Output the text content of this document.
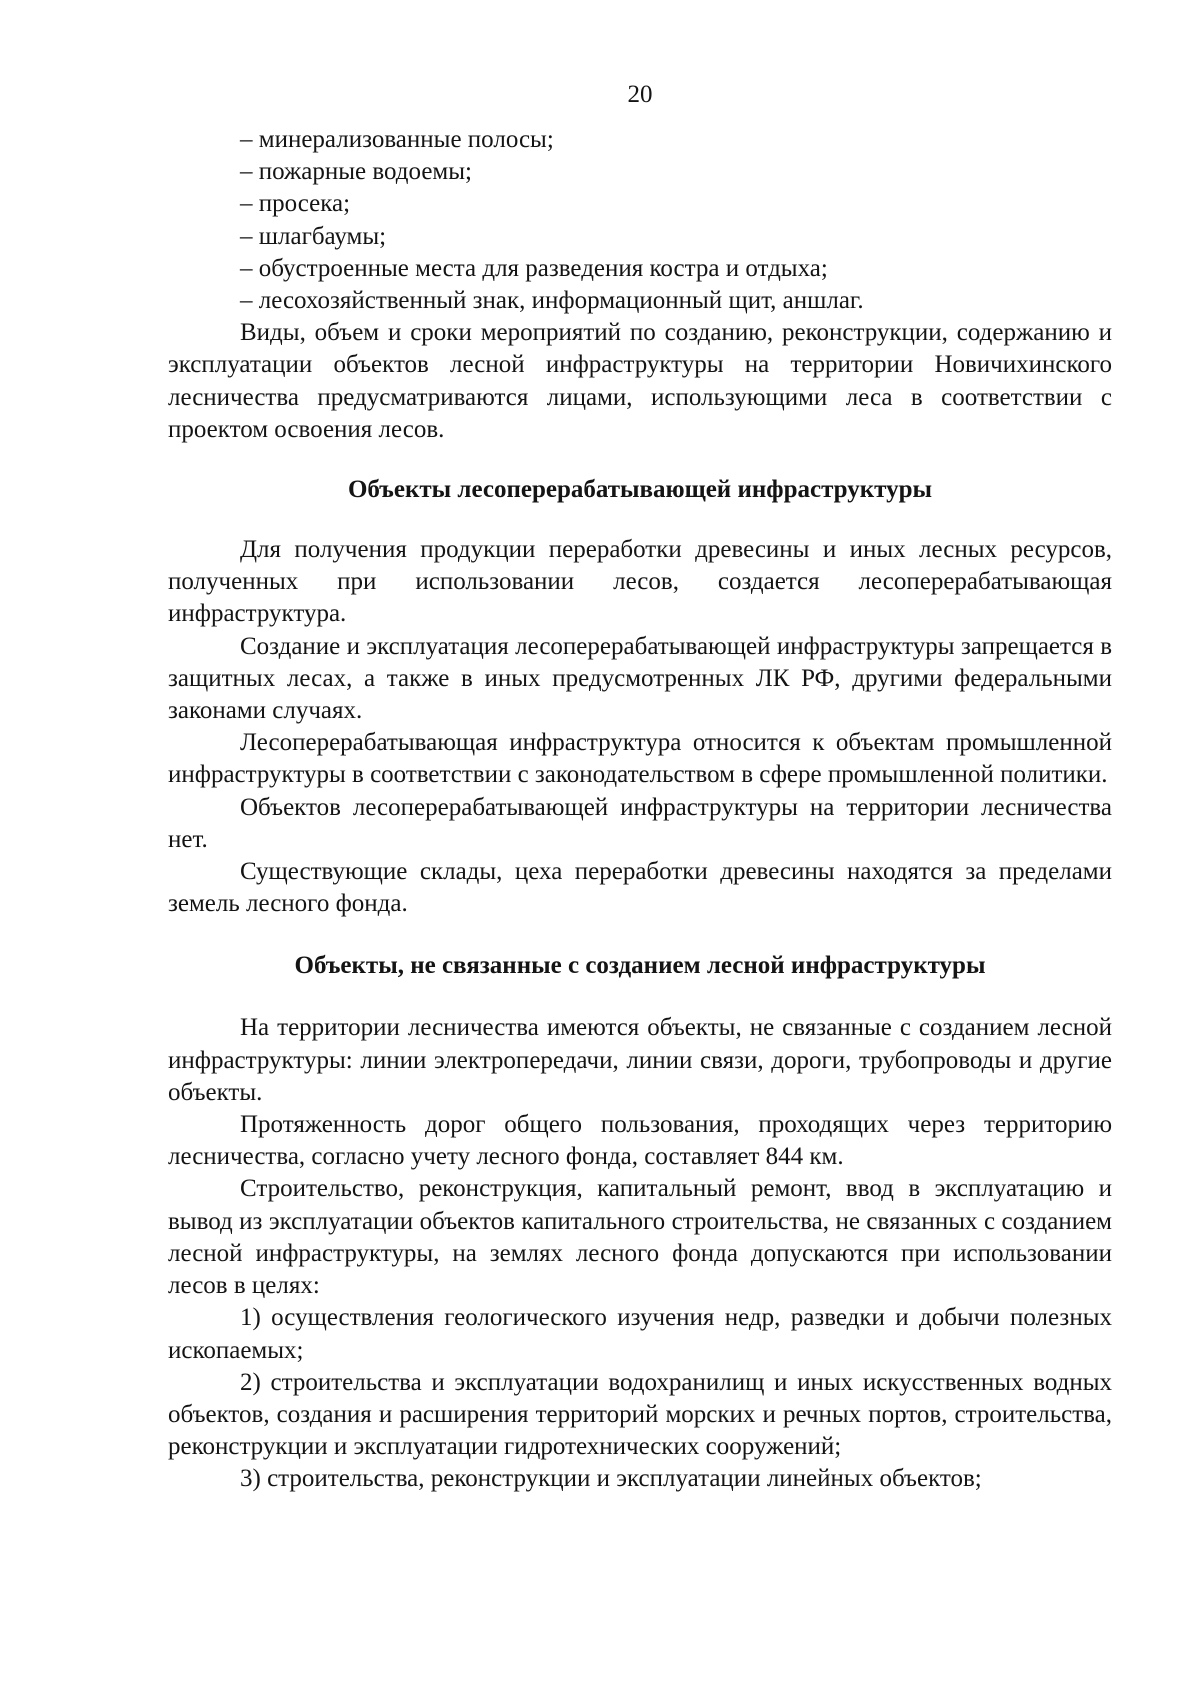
20

– минерализованные полосы;

– пожарные водоемы;

– просека;

– шлагбаумы;

– обустроенные места для разведения костра и отдыха;

– лесохозяйственный знак, информационный щит, аншлаг.

Виды, объем и сроки мероприятий по созданию, реконструкции, содержанию и эксплуатации объектов лесной инфраструктуры на территории Новичихинского лесничества предусматриваются лицами, использующими леса в соответствии с проектом освоения лесов.

Объекты лесоперерабатывающей инфраструктуры

Для получения продукции переработки древесины и иных лесных ресурсов, полученных при использовании лесов, создается лесоперерабатывающая инфраструктура.

Создание и эксплуатация лесоперерабатывающей инфраструктуры запрещается в защитных лесах, а также в иных предусмотренных ЛК РФ, другими федеральными законами случаях.

Лесоперерабатывающая инфраструктура относится к объектам промышленной инфраструктуры в соответствии с законодательством в сфере промышленной политики.

Объектов лесоперерабатывающей инфраструктуры на территории лесничества нет.

Существующие склады, цеха переработки древесины находятся за пределами земель лесного фонда.

Объекты, не связанные с созданием лесной инфраструктуры

На территории лесничества имеются объекты, не связанные с созданием лесной инфраструктуры: линии электропередачи, линии связи, дороги, трубопроводы и другие объекты.

Протяженность дорог общего пользования, проходящих через территорию лесничества, согласно учету лесного фонда, составляет 844 км.

Строительство, реконструкция, капитальный ремонт, ввод в эксплуатацию и вывод из эксплуатации объектов капитального строительства, не связанных с созданием лесной инфраструктуры, на землях лесного фонда допускаются при использовании лесов в целях:

1) осуществления геологического изучения недр, разведки и добычи полезных ископаемых;

2) строительства и эксплуатации водохранилищ и иных искусственных водных объектов, создания и расширения территорий морских и речных портов, строительства, реконструкции и эксплуатации гидротехнических сооружений;

3) строительства, реконструкции и эксплуатации линейных объектов;
